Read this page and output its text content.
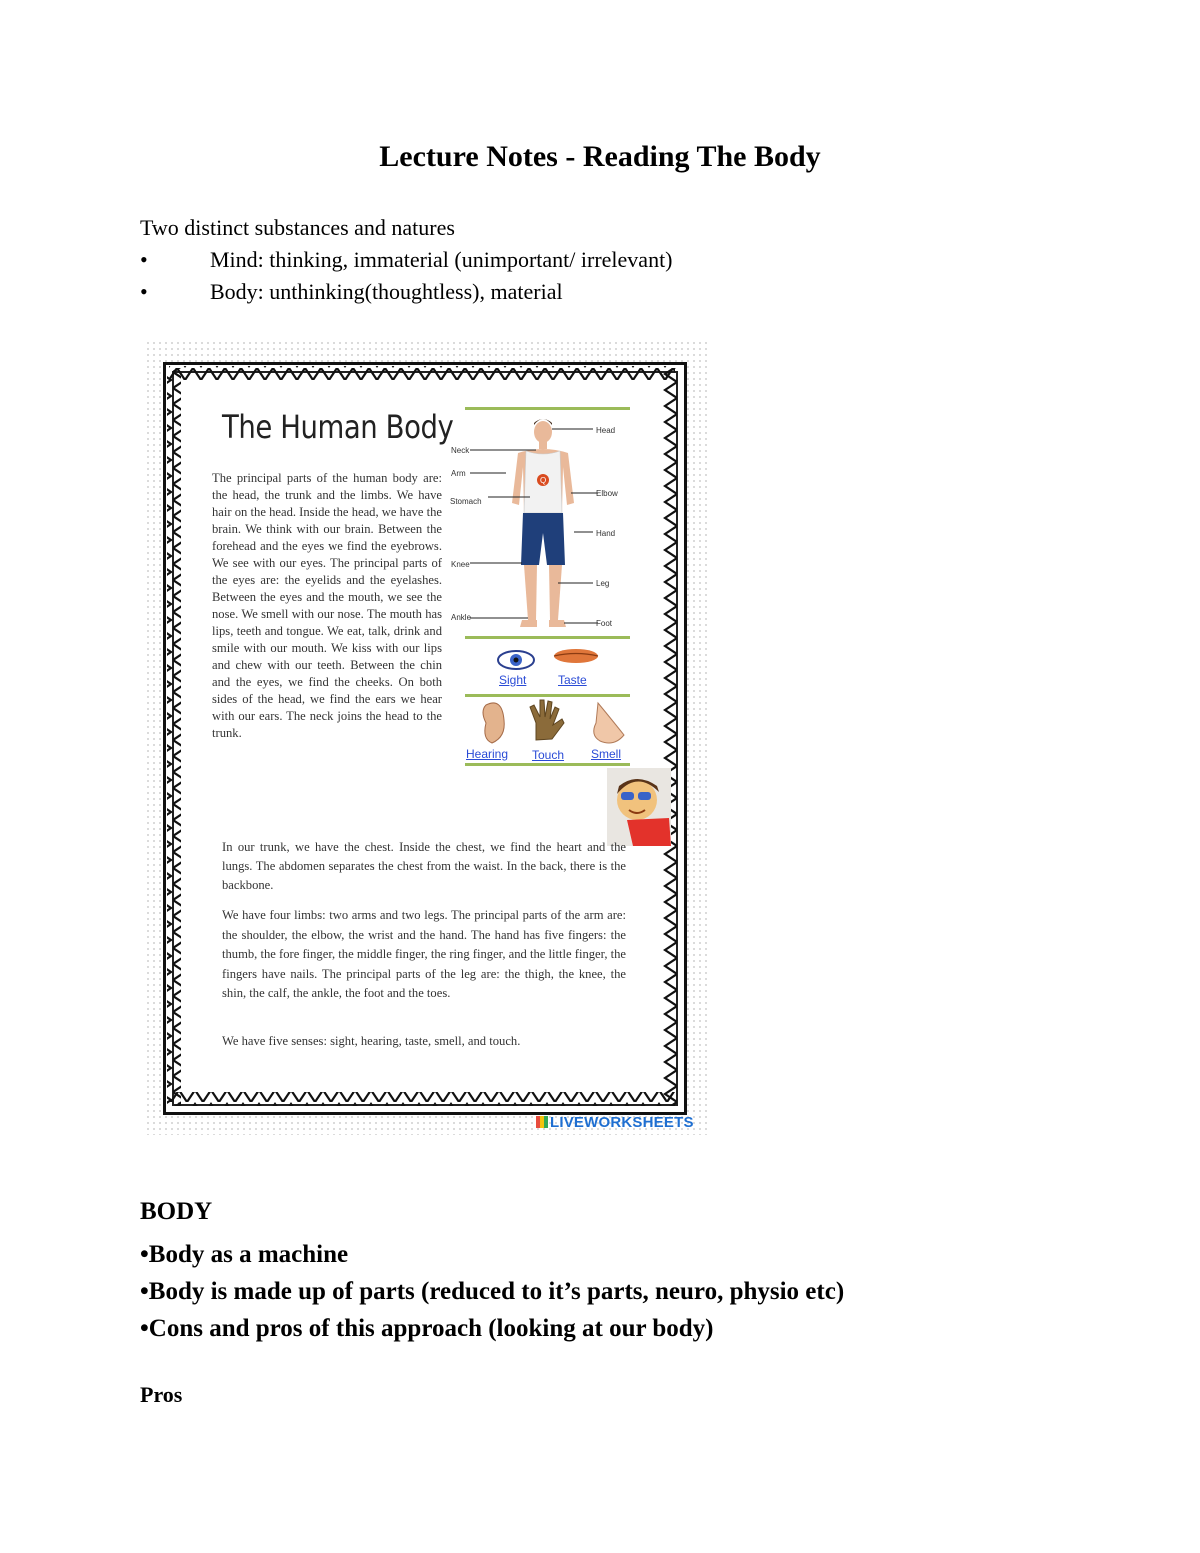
Lecture Notes - Reading The Body
Two distinct substances and natures
•	Mind: thinking, immaterial (unimportant/ irrelevant)
•	Body: unthinking(thoughtless), material
The Human Body

The principal parts of the human body are: the head, the trunk and the limbs. We have hair on the head. Inside the head, we have the brain. We think with our brain. Between the forehead and the eyes we find the eyebrows. We see with our eyes. The principal parts of the eyes are: the eyelids and the eyelashes. Between the eyes and the mouth, we see the nose. We smell with our nose. The mouth has lips, teeth and tongue. We eat, talk, drink and smile with our mouth. We kiss with our lips and chew with our teeth. Between the chin and the eyes, we find the cheeks. On both sides of the head, we find the ears we hear with our ears. The neck joins the head to the trunk.

Q
Head
Neck
Arm
Stomach
Elbow
Hand
Knee
Leg
Ankle
Foot
Sight	Taste
Hearing Touch Smell

In our trunk, we have the chest. Inside the chest, we find the heart and the lungs. The abdomen separates the chest from the waist. In the back, there is the backbone.

We have four limbs: two arms and two legs. The principal parts of the arm are: the shoulder, the elbow, the wrist and the hand. The hand has five fingers: the thumb, the fore finger, the middle finger, the ring finger, and the little finger, the fingers have nails. The principal parts of the leg are: the thigh, the knee, the shin, the calf, the ankle, the foot and the toes.

We have five senses: sight, hearing, taste, smell, and touch.

LIVEWORKSHEETS
BODY
•Body as a machine
•Body is made up of parts (reduced to it’s parts, neuro, physio etc)
•Cons and pros of this approach (looking at our body)
Pros
